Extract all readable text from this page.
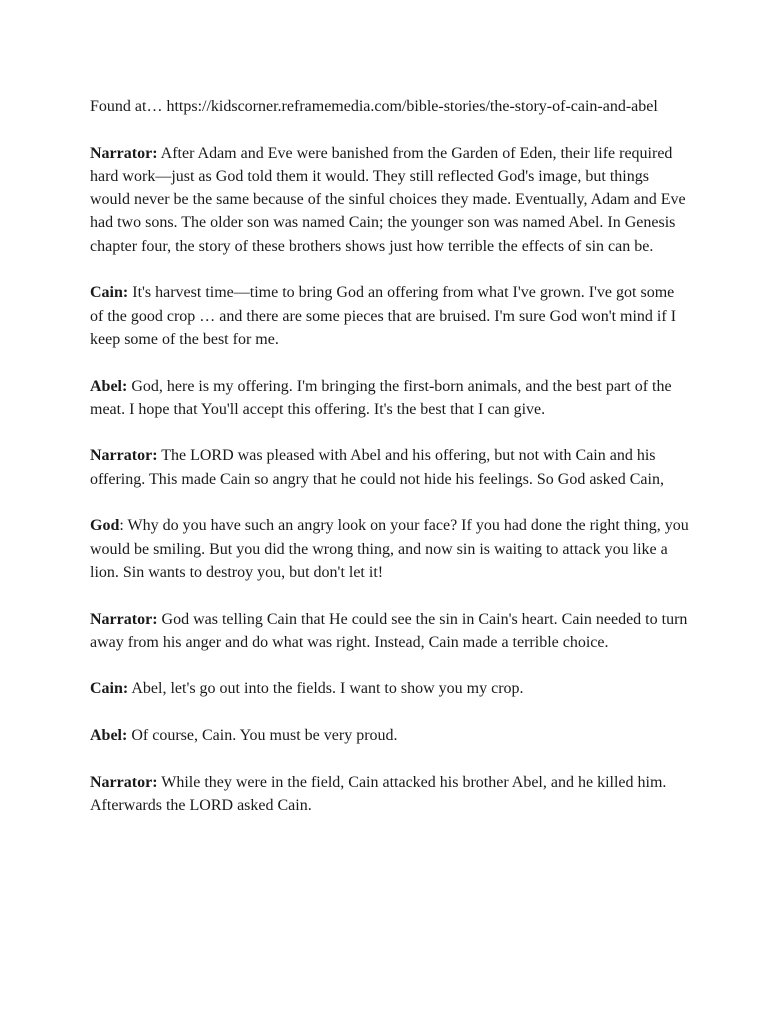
Found at… https://kidscorner.reframemedia.com/bible-stories/the-story-of-cain-and-abel

Narrator: After Adam and Eve were banished from the Garden of Eden, their life required hard work—just as God told them it would. They still reflected God's image, but things would never be the same because of the sinful choices they made. Eventually, Adam and Eve had two sons. The older son was named Cain; the younger son was named Abel. In Genesis chapter four, the story of these brothers shows just how terrible the effects of sin can be.

Cain: It's harvest time—time to bring God an offering from what I've grown. I've got some of the good crop … and there are some pieces that are bruised. I'm sure God won't mind if I keep some of the best for me.

Abel: God, here is my offering. I'm bringing the first-born animals, and the best part of the meat. I hope that You'll accept this offering. It's the best that I can give.

Narrator: The LORD was pleased with Abel and his offering, but not with Cain and his offering. This made Cain so angry that he could not hide his feelings. So God asked Cain,

God: Why do you have such an angry look on your face? If you had done the right thing, you would be smiling. But you did the wrong thing, and now sin is waiting to attack you like a lion. Sin wants to destroy you, but don't let it!

Narrator: God was telling Cain that He could see the sin in Cain's heart. Cain needed to turn away from his anger and do what was right. Instead, Cain made a terrible choice.

Cain: Abel, let's go out into the fields. I want to show you my crop.

Abel: Of course, Cain. You must be very proud.

Narrator: While they were in the field, Cain attacked his brother Abel, and he killed him. Afterwards the LORD asked Cain.
